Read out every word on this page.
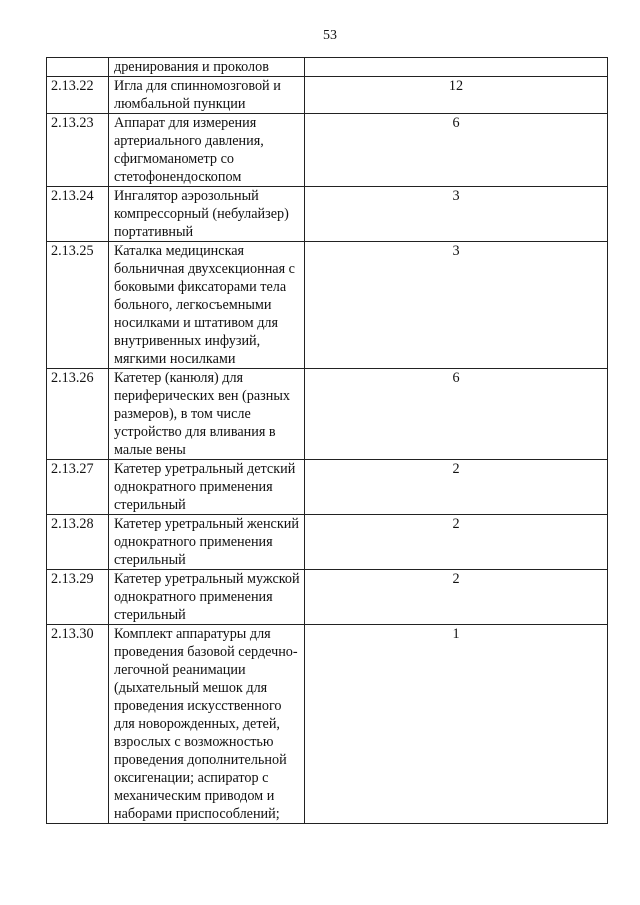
53
	дренирования и проколов	
2.13.22	Игла для спинномозговой и люмбальной пункции	12
2.13.23	Аппарат для измерения артериального давления, сфигмоманометр со стетофонендоскопом	6
2.13.24	Ингалятор аэрозольный компрессорный (небулайзер) портативный	3
2.13.25	Каталка медицинская больничная двухсекционная с боковыми фиксаторами тела больного, легкосъемными носилками и штативом для внутривенных инфузий, мягкими носилками	3
2.13.26	Катетер (канюля) для периферических вен (разных размеров), в том числе устройство для вливания в малые вены	6
2.13.27	Катетер уретральный детский однократного применения стерильный	2
2.13.28	Катетер уретральный женский однократного применения стерильный	2
2.13.29	Катетер уретральный мужской однократного применения стерильный	2
2.13.30	Комплект аппаратуры для проведения базовой сердечно-легочной реанимации (дыхательный мешок для проведения искусственного для новорожденных, детей, взрослых с возможностью проведения дополнительной оксигенации; аспиратор с механическим приводом и наборами приспособлений;	1
